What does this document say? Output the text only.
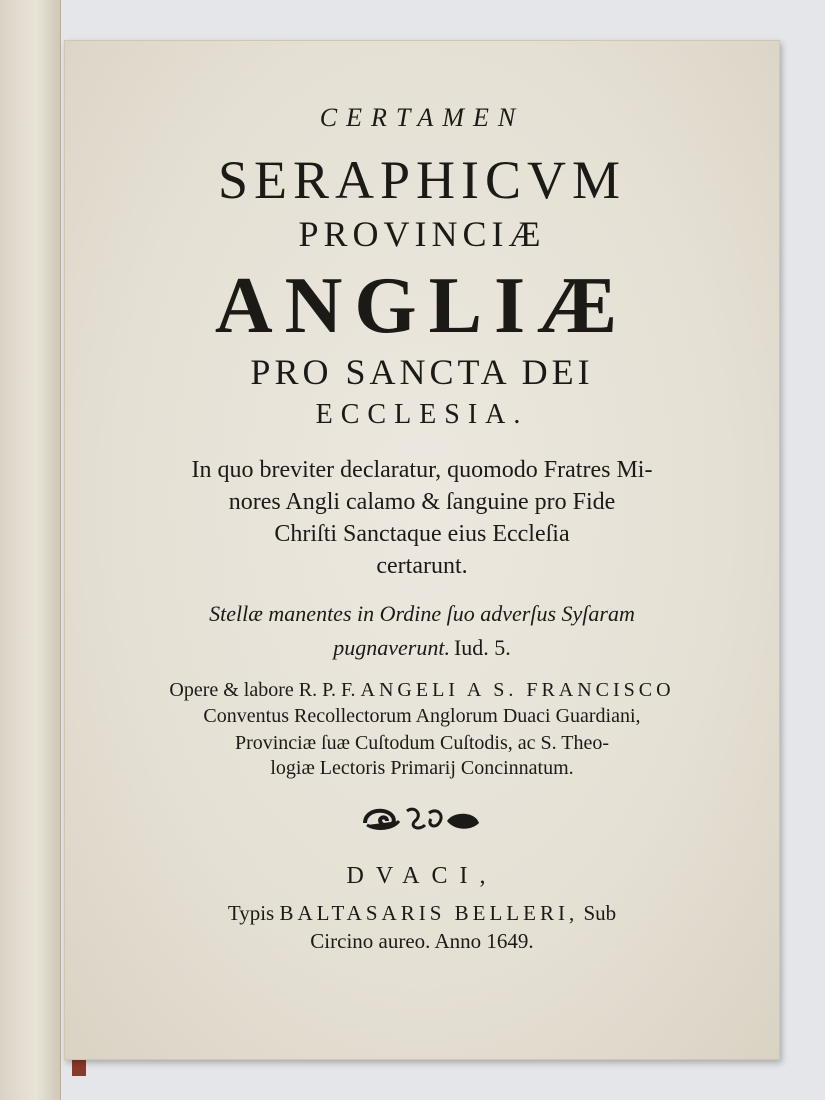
CERTAMEN
SERAPHICVM
PROVINCIÆ
ANGLIÆ
PRO SANCTA DEI
ECCLESIA.
In quo breviter declaratur, quomodo Fratres Mi-
nores Angli calamo & ſanguine pro Fide
Chriſti Sanctaque eius Eccleſia
certarunt.
Stellæ manentes in Ordine ſuo adverſus Syſaram
pugnaverunt. Iud. 5.
Opere & labore R. P. F. ANGELI A S. FRANCISCO
Conventus Recollectorum Anglorum Duaci Guardiani,
Provinciæ ſuæ Cuſtodum Cuſtodis, ac S. Theo-
logiæ Lectoris Primarij Concinnatum.
DVACI,
Typis BALTASARIS BELLERI, Sub
Circino aureo. Anno 1649.
